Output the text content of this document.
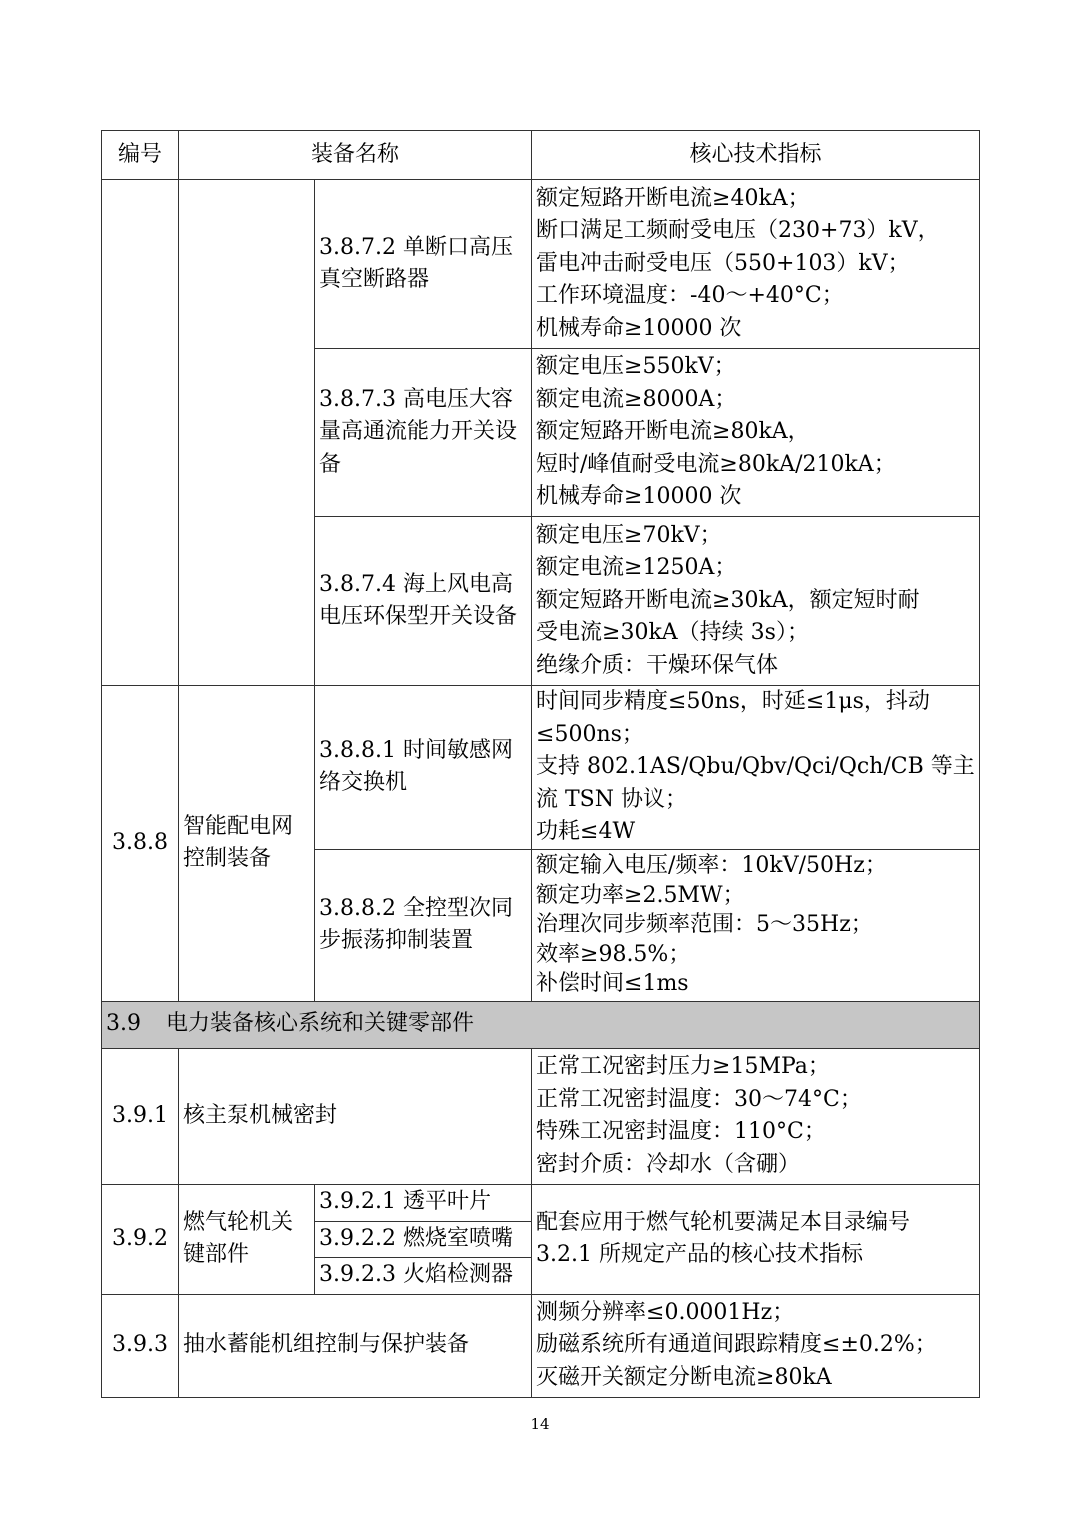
编号	装备名称		核心技术指标
		3.8.7.2 单断口高压真空断路器	额定短路开断电流≥40kA；
断口满足工频耐受电压（230+73）kV，
雷电冲击耐受电压（550+103）kV；
工作环境温度：-40～+40°C；
机械寿命≥10000 次

		3.8.7.3 高电压大容量高通流能力开关设备	额定电压≥550kV；
额定电流≥8000A；
额定短路开断电流≥80kA，
短时/峰值耐受电流≥80kA/210kA；
机械寿命≥10000 次

		3.8.7.4 海上风电高电压环保型开关设备	额定电压≥70kV；
额定电流≥1250A；
额定短路开断电流≥30kA，额定短时耐
受电流≥30kA（持续 3s）；
绝缘介质：干燥环保气体

3.8.8	智能配电网控制装备	3.8.8.1 时间敏感网络交换机	时间同步精度≤50ns，时延≤1μs，抖动
≤500ns；
支持 802.1AS/Qbu/Qbv/Qci/Qch/CB 等主
流 TSN 协议；
功耗≤4W

		3.8.8.2 全控型次同步振荡抑制装置	额定输入电压/频率：10kV/50Hz；
额定功率≥2.5MW；
治理次同步频率范围：5～35Hz；
效率≥98.5%；
补偿时间≤1ms

3.9 电力装备核心系统和关键零部件			
3.9.1	核主泵机械密封		正常工况密封压力≥15MPa；
正常工况密封温度：30～74°C；
特殊工况密封温度：110°C；
密封介质：冷却水（含硼）

3.9.2	燃气轮机关键部件	3.9.2.1 透平叶片	配套应用于燃气轮机要满足本目录编号
3.2.1 所规定产品的核心技术指标

		3.9.2.2 燃烧室喷嘴	
		3.9.2.3 火焰检测器	
3.9.3	抽水蓄能机组控制与保护装备		测频分辨率≤0.0001Hz；
励磁系统所有通道间跟踪精度≤±0.2%；
灭磁开关额定分断电流≥80kA
14
